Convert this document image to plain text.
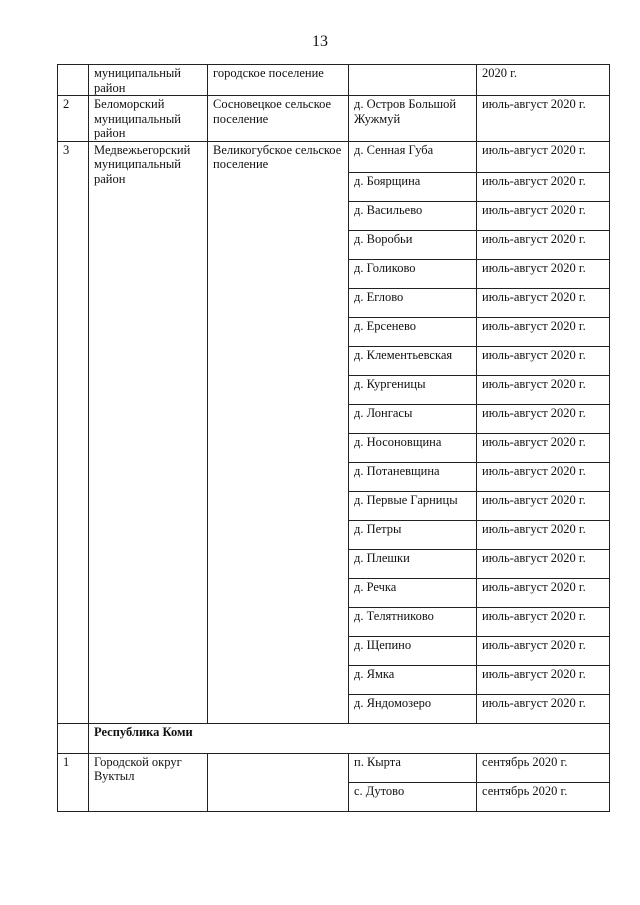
13
	муниципальный район	городское поселение		2020 г.
2	Беломорский муниципальный район	Сосновецкое сельское поселение	д. Остров Большой Жужмуй	июль-август 2020 г.
3	Медвежьегорский муниципальный район	Великогубское сельское поселение	д. Сенная Губа	июль-август 2020 г.
			д. Боярщина	июль-август 2020 г.
			д. Васильево	июль-август 2020 г.
			д. Воробьи	июль-август 2020 г.
			д. Голиково	июль-август 2020 г.
			д. Еглово	июль-август 2020 г.
			д. Ерсенево	июль-август 2020 г.
			д. Клементьевская	июль-август 2020 г.
			д. Кургеницы	июль-август 2020 г.
			д. Лонгасы	июль-август 2020 г.
			д. Носоновщина	июль-август 2020 г.
			д. Потаневщина	июль-август 2020 г.
			д. Первые Гарницы	июль-август 2020 г.
			д. Петры	июль-август 2020 г.
			д. Плешки	июль-август 2020 г.
			д. Речка	июль-август 2020 г.
			д. Телятниково	июль-август 2020 г.
			д. Щепино	июль-август 2020 г.
			д. Ямка	июль-август 2020 г.
			д. Яндомозеро	июль-август 2020 г.
	Республика Коми			
1	Городской округ Вуктыл		п. Кырта	сентябрь 2020 г.
			с. Дутово	сентябрь 2020 г.
